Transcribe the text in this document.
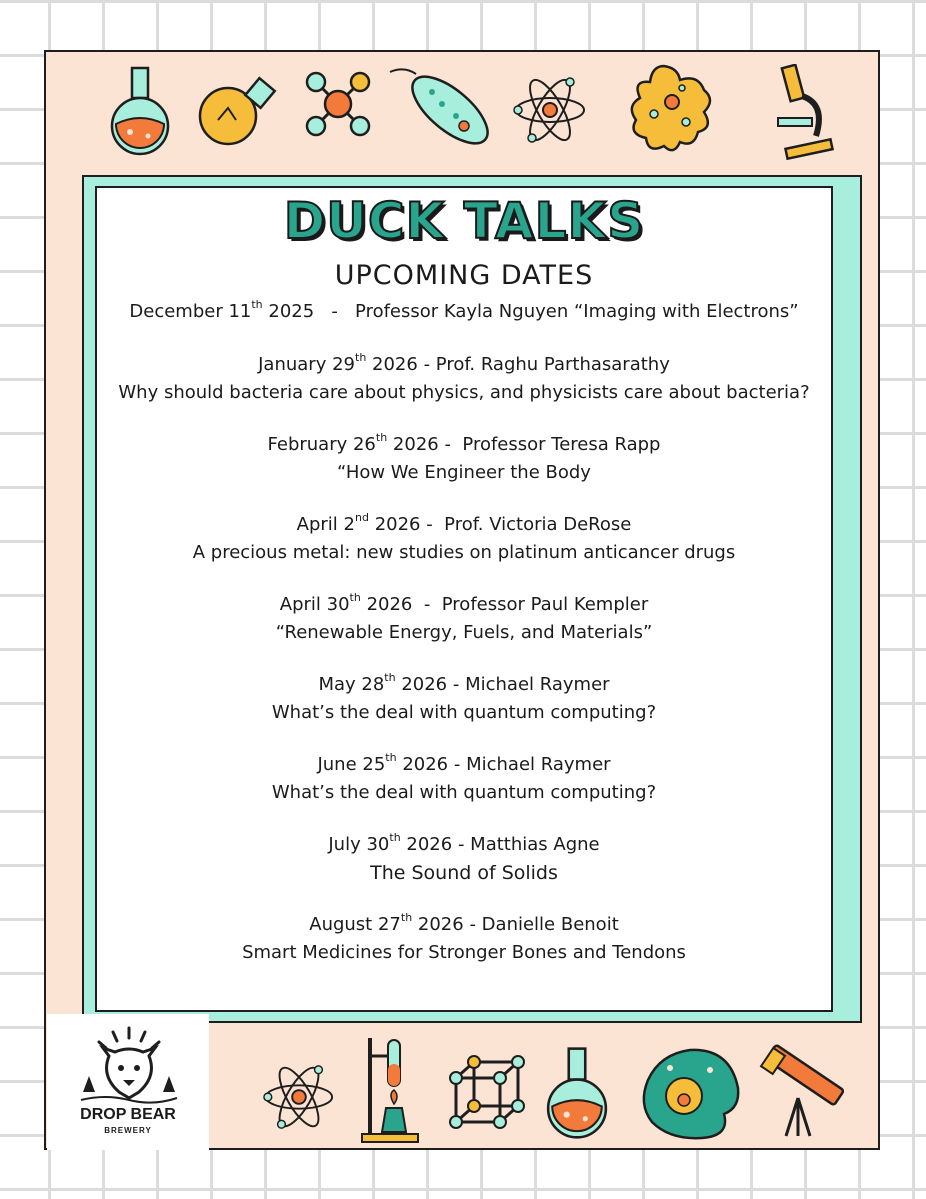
DUCK TALKS
UPCOMING DATES
December 11th 2025   -   Professor Kayla Nguyen “Imaging with Electrons”
January 29th 2026 - Prof. Raghu Parthasarathy
Why should bacteria care about physics, and physicists care about bacteria?
February 26th 2026 -  Professor Teresa Rapp
“How We Engineer the Body
April 2nd 2026 -  Prof. Victoria DeRose
A precious metal: new studies on platinum anticancer drugs
April 30th 2026  -  Professor Paul Kempler
“Renewable Energy, Fuels, and Materials”
May 28th 2026 - Michael Raymer
What’s the deal with quantum computing?
June 25th 2026 - Michael Raymer
What’s the deal with quantum computing?
July 30th 2026 - Matthias Agne
The Sound of Solids
August 27th 2026 - Danielle Benoit
Smart Medicines for Stronger Bones and Tendons
DROP BEAR
BREWERY
